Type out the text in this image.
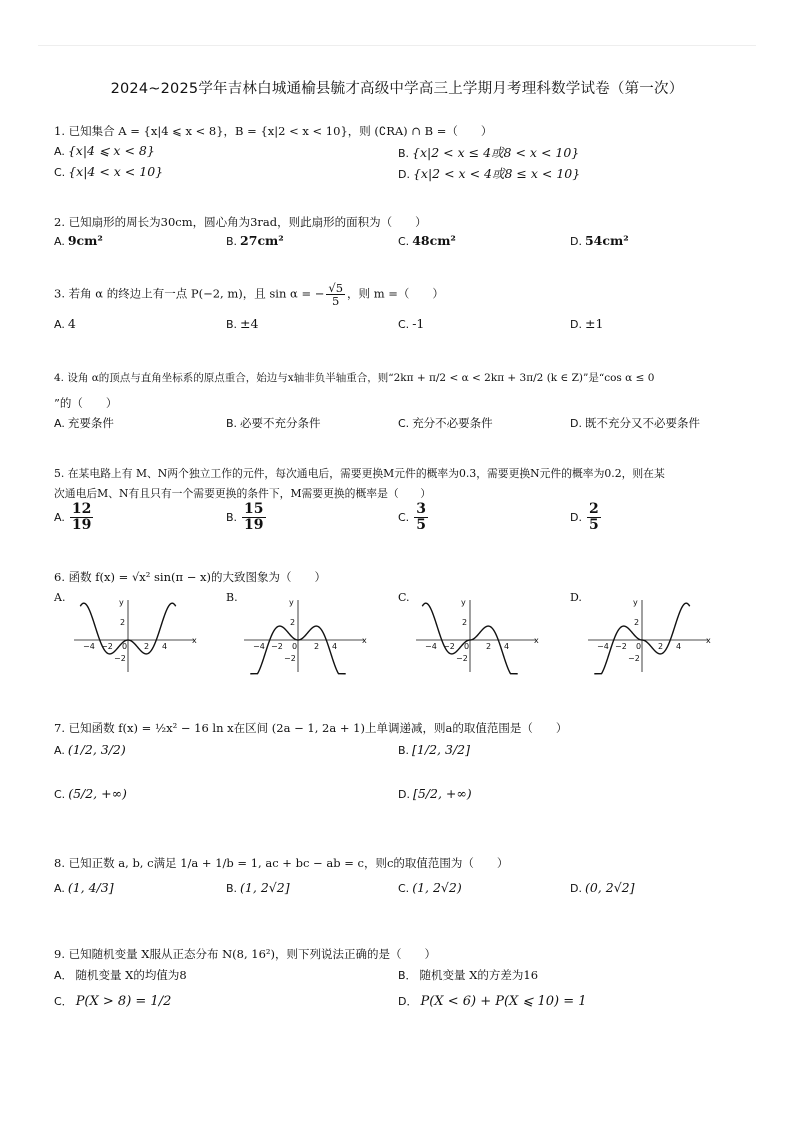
2024~2025学年吉林白城通榆县毓才高级中学高三上学期月考理科数学试卷（第一次）
1. 已知集合 A = {x|4 ⩽ x < 8}，B = {x|2 < x < 10}，则 (∁RA) ∩ B =（　　）
A. {x|4 ⩽ x < 8}	B. {x|2 < x ≤ 4或8 < x < 10}
C. {x|4 < x < 10}	D. {x|2 < x < 4或8 ≤ x < 10}
2. 已知扇形的周长为30cm，圆心角为3rad，则此扇形的面积为（　　）
A. 9cm²	B. 27cm²	C. 48cm²	D. 54cm²
3. 若角 α 的终边上有一点 P(−2, m)，且 sin α = − $\frac{√5}{5}$ ，则 m =（　　）
A. 4	B. ±4	C. -1	D. ±1
4. 设角 α的顶点与直角坐标系的原点重合，始边与x轴非负半轴重合，则“2kπ + π/2 < α < 2kπ + 3π/2 (k ∈ Z)”是“cos α ≤ 0
”的（　　）
A. 充要条件	B. 必要不充分条件	C. 充分不必要条件	D. 既不充分又不必要条件
5. 在某电路上有 M、N两个独立工作的元件，每次通电后，需要更换M元件的概率为0.3，需要更换N元件的概率为0.2，则在某
次通电后M、N有且只有一个需要更换的条件下，M需要更换的概率是（　　）
A. $\frac{12}{19}$	B. $\frac{15}{19}$	C. $\frac{3}{5}$	D. $\frac{2}{5}$
6. 函数 f(x) = √x² sin(π − x)的大致图象为（　　）
A.	B.	C.	D.
x
y
−4 −2 0 2 4
2
−2
x
y
−4 −2 0 2 4
2
−2
x
y
−4 −2 0 2 4
2
−2
x
y
−4 −2 0 2 4
2
−2
7. 已知函数 f(x) = ½x² − 16 ln x在区间 (2a − 1, 2a + 1)上单调递减，则a的取值范围是（　　）
A. (1/2, 3/2)	B. [1/2, 3/2]
C. (5/2, +∞)	D. [5/2, +∞)
8. 已知正数 a, b, c满足 1/a + 1/b = 1, ac + bc − ab = c，则c的取值范围为（　　）
A. (1, 4/3]	B. (1, 2√2]	C. (1, 2√2)	D. (0, 2√2]
9. 已知随机变量 X服从正态分布 N(8, 16²)，则下列说法正确的是（　　）
A． 随机变量 X的均值为8	B． 随机变量 X的方差为16
C． P(X > 8) = 1/2	D． P(X < 6) + P(X ⩽ 10) = 1
